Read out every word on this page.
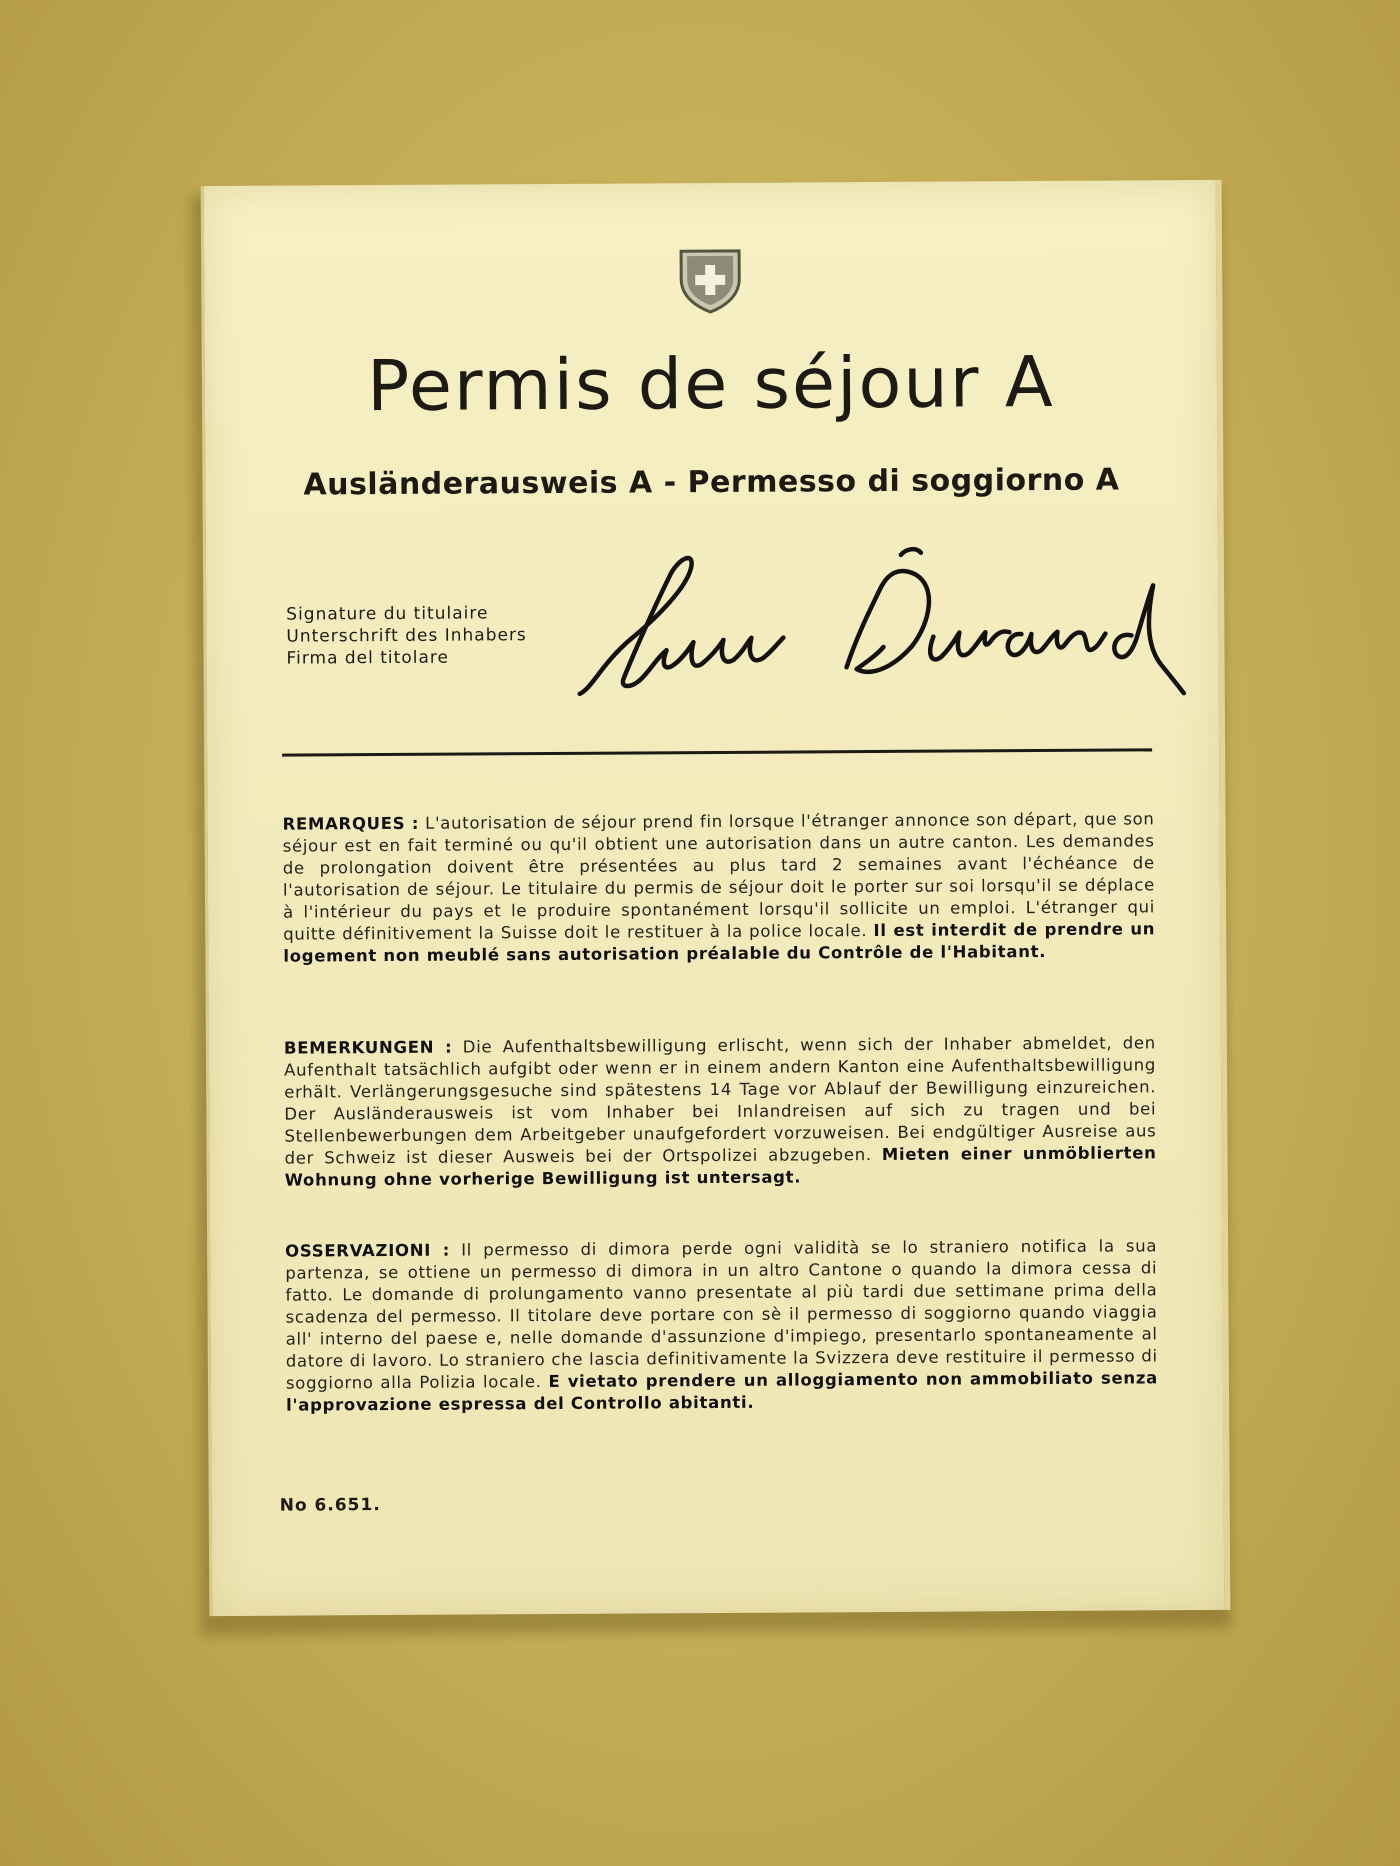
Permis de séjour A
Ausländerausweis A - Permesso di soggiorno A
Signature du titulaire
Unterschrift des Inhabers
Firma del titolare
REMARQUES : L'autorisation de séjour prend fin lorsque l'étranger annonce son départ, que son séjour est en fait terminé ou qu'il obtient une autorisation dans un autre canton. Les demandes de prolongation doivent être présentées au plus tard 2 semaines avant l'échéance de l'autorisation de séjour. Le titulaire du permis de séjour doit le porter sur soi lorsqu'il se déplace à l'intérieur du pays et le produire spontanément lorsqu'il sollicite un emploi. L'étranger qui quitte définitivement la Suisse doit le restituer à la police locale. Il est interdit de prendre un logement non meublé sans autorisation préalable du Contrôle de l'Habitant.
BEMERKUNGEN : Die Aufenthaltsbewilligung erlischt, wenn sich der Inhaber abmeldet, den Aufenthalt tatsächlich aufgibt oder wenn er in einem andern Kanton eine Aufenthaltsbewilligung erhält. Verlängerungsgesuche sind spätestens 14 Tage vor Ablauf der Bewilligung einzureichen. Der Ausländerausweis ist vom Inhaber bei Inlandreisen auf sich zu tragen und bei Stellenbewerbungen dem Arbeitgeber unaufgefordert vorzuweisen. Bei endgültiger Ausreise aus der Schweiz ist dieser Ausweis bei der Ortspolizei abzugeben. Mieten einer unmöblierten Wohnung ohne vorherige Bewilligung ist untersagt.
OSSERVAZIONI : Il permesso di dimora perde ogni validità se lo straniero notifica la sua partenza, se ottiene un permesso di dimora in un altro Cantone o quando la dimora cessa di fatto. Le domande di prolungamento vanno presentate al più tardi due settimane prima della scadenza del permesso. Il titolare deve portare con sè il permesso di soggiorno quando viaggia all' interno del paese e, nelle domande d'assunzione d'impiego, presentarlo spontaneamente al datore di lavoro. Lo straniero che lascia definitivamente la Svizzera deve restituire il permesso di soggiorno alla Polizia locale. E vietato prendere un alloggiamento non ammobiliato senza l'approvazione espressa del Controllo abitanti.
No 6.651.
